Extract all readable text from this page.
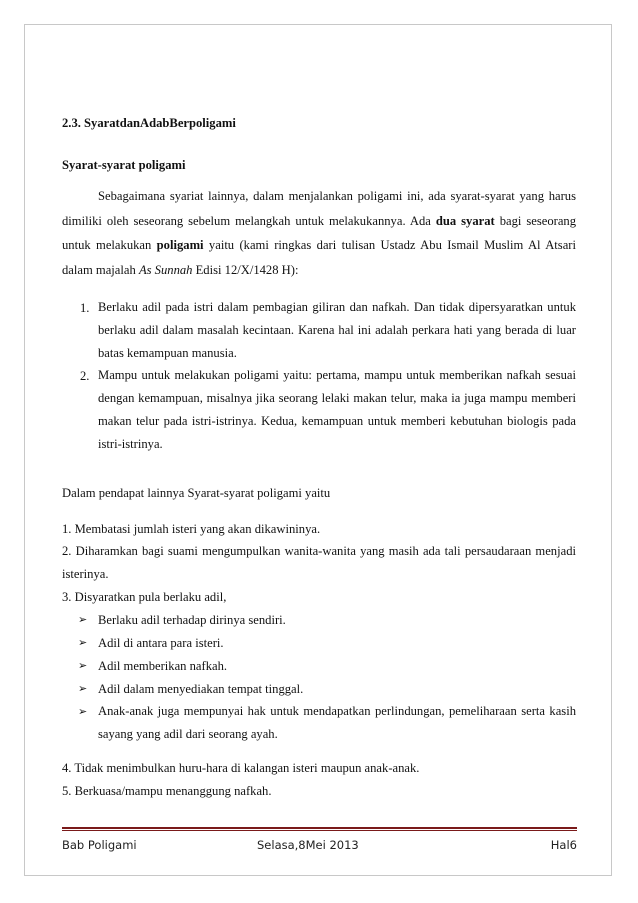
2.3. SyaratdanAdabBerpoligami
Syarat-syarat poligami
Sebagaimana syariat lainnya, dalam menjalankan poligami ini, ada syarat-syarat yang harus dimiliki oleh seseorang sebelum melangkah untuk melakukannya. Ada dua syarat bagi seseorang untuk melakukan poligami yaitu (kami ringkas dari tulisan Ustadz Abu Ismail Muslim Al Atsari dalam majalah As Sunnah Edisi 12/X/1428 H):
1. Berlaku adil pada istri dalam pembagian giliran dan nafkah. Dan tidak dipersyaratkan untuk berlaku adil dalam masalah kecintaan. Karena hal ini adalah perkara hati yang berada di luar batas kemampuan manusia.
2. Mampu untuk melakukan poligami yaitu: pertama, mampu untuk memberikan nafkah sesuai dengan kemampuan, misalnya jika seorang lelaki makan telur, maka ia juga mampu memberi makan telur pada istri-istrinya. Kedua, kemampuan untuk memberi kebutuhan biologis pada istri-istrinya.
Dalam pendapat lainnya Syarat-syarat poligami yaitu
1. Membatasi jumlah isteri yang akan dikawininya.
2. Diharamkan bagi suami mengumpulkan wanita-wanita yang masih ada tali persaudaraan menjadi isterinya.
3. Disyaratkan pula berlaku adil,
➢ Berlaku adil terhadap dirinya sendiri.
➢ Adil di antara para isteri.
➢ Adil memberikan nafkah.
➢ Adil dalam menyediakan tempat tinggal.
➢ Anak-anak juga mempunyai hak untuk mendapatkan perlindungan, pemeliharaan serta kasih sayang yang adil dari seorang ayah.
4. Tidak menimbulkan huru-hara di kalangan isteri maupun anak-anak.
5. Berkuasa/mampu menanggung nafkah.
Bab Poligami	Selasa,8Mei 2013	Hal6
